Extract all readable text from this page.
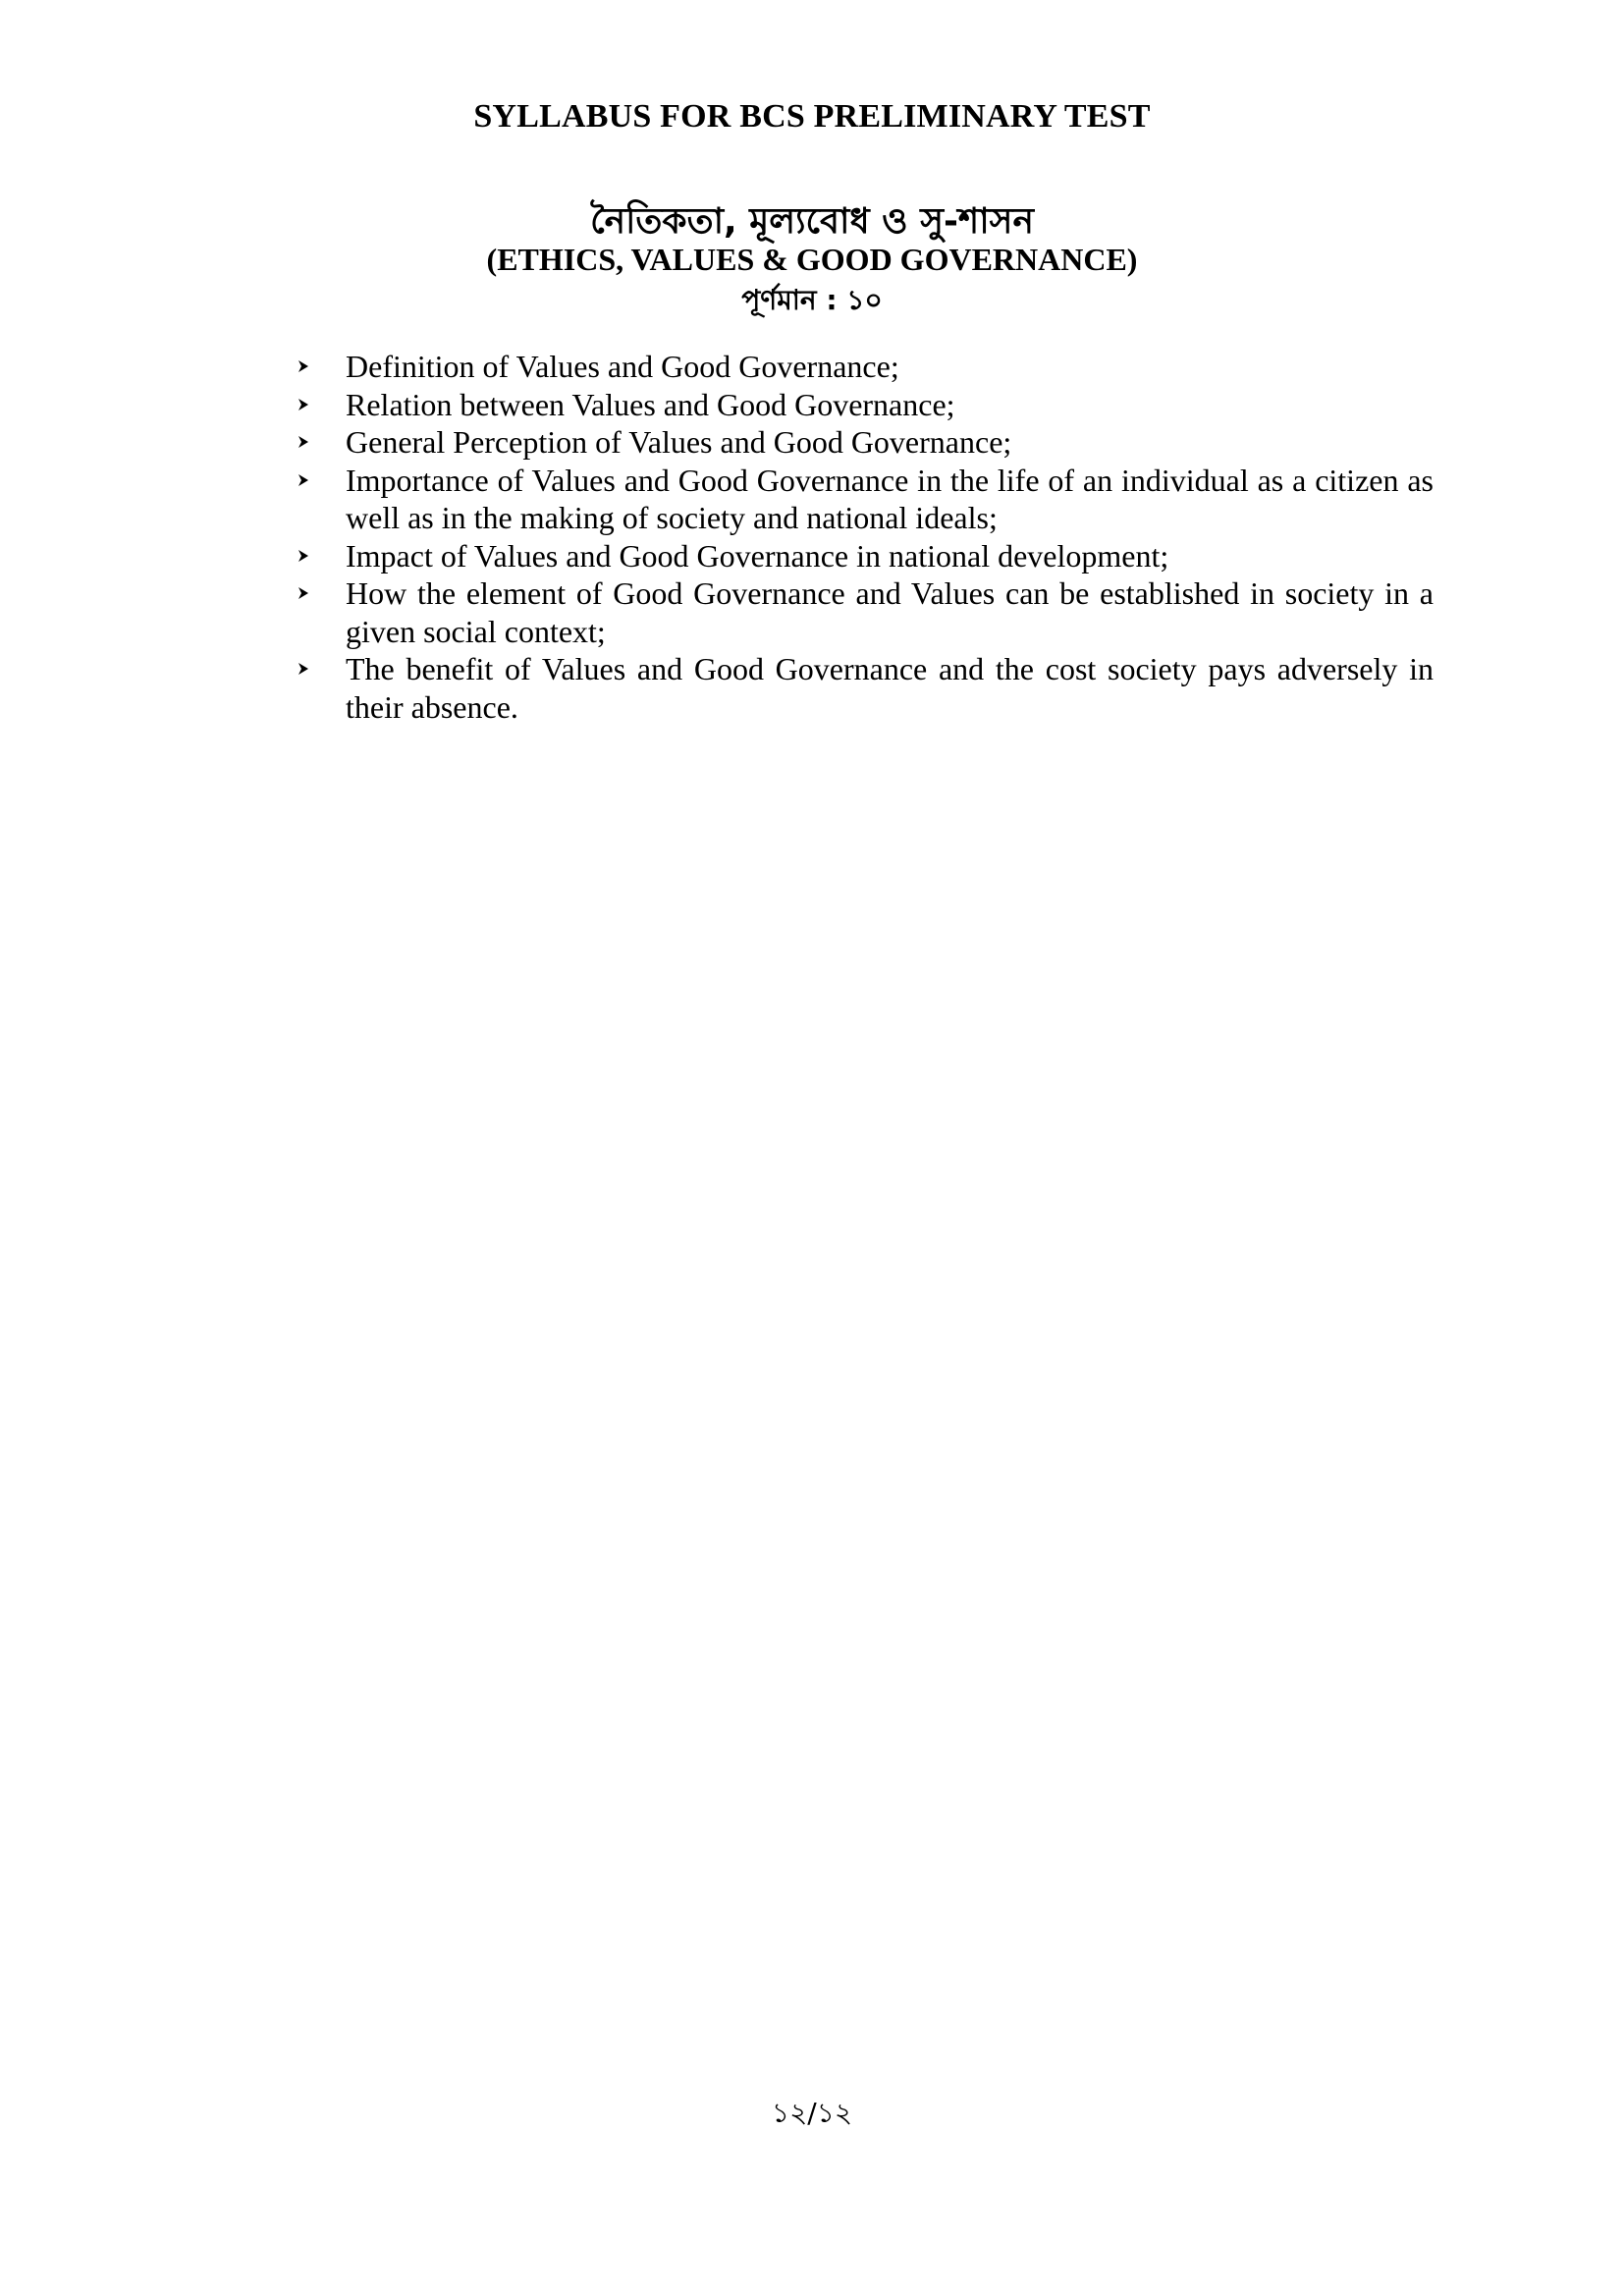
SYLLABUS FOR BCS PRELIMINARY TEST
নৈতিকতা, মূল্যবোধ ও সু-শাসন
(ETHICS, VALUES & GOOD GOVERNANCE)
পূর্ণমান : ১০
Definition of Values and Good Governance;
Relation between Values and Good Governance;
General Perception of Values and Good Governance;
Importance of Values and Good Governance in the life of an individual as a citizen as well as in the making of society and national ideals;
Impact of Values and Good Governance in national development;
How the element of Good Governance and Values can be established in society in a given social context;
The benefit of Values and Good Governance and the cost society pays adversely in their absence.
১২/১২
